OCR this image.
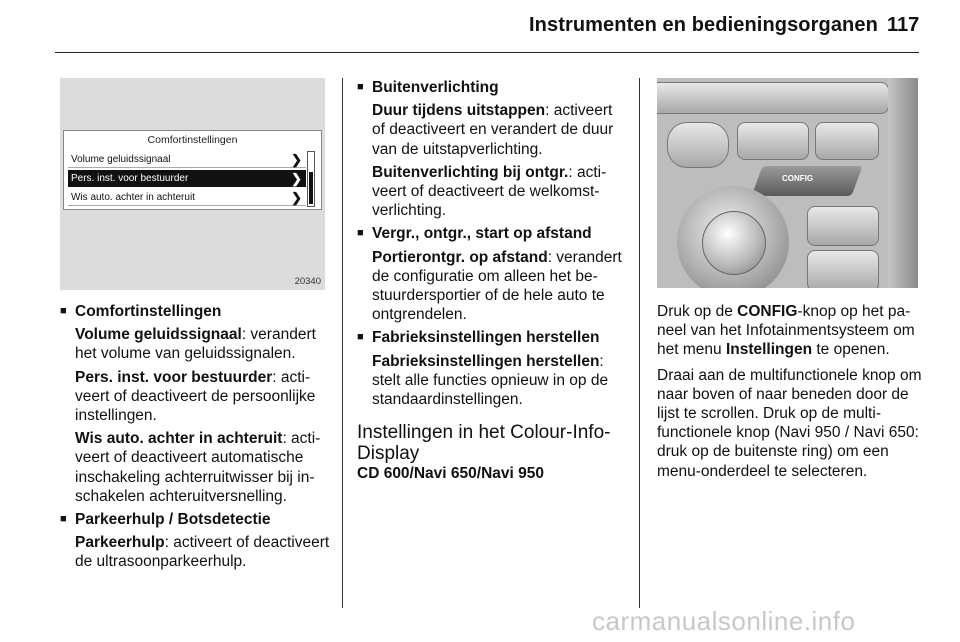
Instrumenten en bedieningsorganen 117
Comfortinstellingen
Volume geluidssignaal	❯
Pers. inst. voor bestuurder	❯
Wis auto. achter in achteruit	❯
20340
CONFIG

■ Comfortinstellingen

Volume geluidssignaal: verandert het volume van geluidssignalen.

Pers. inst. voor bestuurder: activeert of deactiveert de persoonlijke instellingen.

Wis auto. achter in achteruit: activeert of deactiveert automatische inschakeling achterruitwisser bij inschakelen achteruitversnelling.

■ Parkeerhulp / Botsdetectie

Parkeerhulp: activeert of deactiveert de ultrasoonparkeerhulp.

■ Buitenverlichting

Duur tijdens uitstappen: activeert of deactiveert en verandert de duur van de uitstapverlichting.

Buitenverlichting bij ontgr.: activeert of deactiveert de welkomstverlichting.

■ Vergr., ontgr., start op afstand

Portierontgr. op afstand: verandert de configuratie om alleen het bestuurdersportier of de hele auto te ontgrendelen.

■ Fabrieksinstellingen herstellen

Fabrieksinstellingen herstellen: stelt alle functies opnieuw in op de standaardinstellingen.

Instellingen in het Colour-Info-Display

CD 600/Navi 650/Navi 950

Druk op de CONFIG-knop op het paneel van het Infotainmentsysteem om het menu Instellingen te openen.

Draai aan de multifunctionele knop om naar boven of naar beneden door de lijst te scrollen. Druk op de multifunctionele knop (Navi 950 / Navi 650: druk op de buitenste ring) om een menu-onderdeel te selecteren.

carmanualsonline.info
